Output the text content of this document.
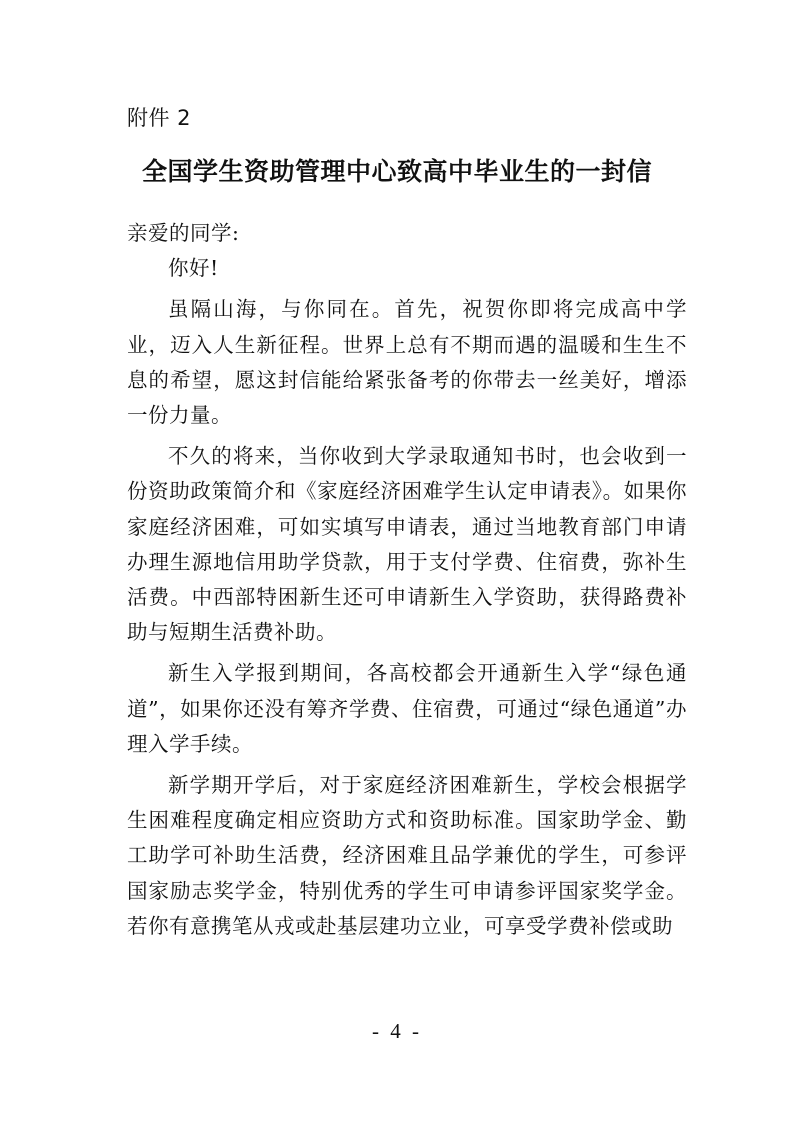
附件 2
全国学生资助管理中心致高中毕业生的一封信

亲爱的同学:

你好!

虽隔山海，与你同在。首先，祝贺你即将完成高中学业，迈入人生新征程。世界上总有不期而遇的温暖和生生不息的希望，愿这封信能给紧张备考的你带去一丝美好，增添一份力量。

不久的将来，当你收到大学录取通知书时，也会收到一份资助政策简介和《家庭经济困难学生认定申请表》。如果你家庭经济困难，可如实填写申请表，通过当地教育部门申请办理生源地信用助学贷款，用于支付学费、住宿费，弥补生活费。中西部特困新生还可申请新生入学资助，获得路费补助与短期生活费补助。

新生入学报到期间，各高校都会开通新生入学“绿色通道”，如果你还没有筹齐学费、住宿费，可通过“绿色通道”办理入学手续。

新学期开学后，对于家庭经济困难新生，学校会根据学生困难程度确定相应资助方式和资助标准。国家助学金、勤工助学可补助生活费，经济困难且品学兼优的学生，可参评国家励志奖学金，特别优秀的学生可申请参评国家奖学金。若你有意携笔从戎或赴基层建功立业，可享受学费补偿或助

- 4 -
